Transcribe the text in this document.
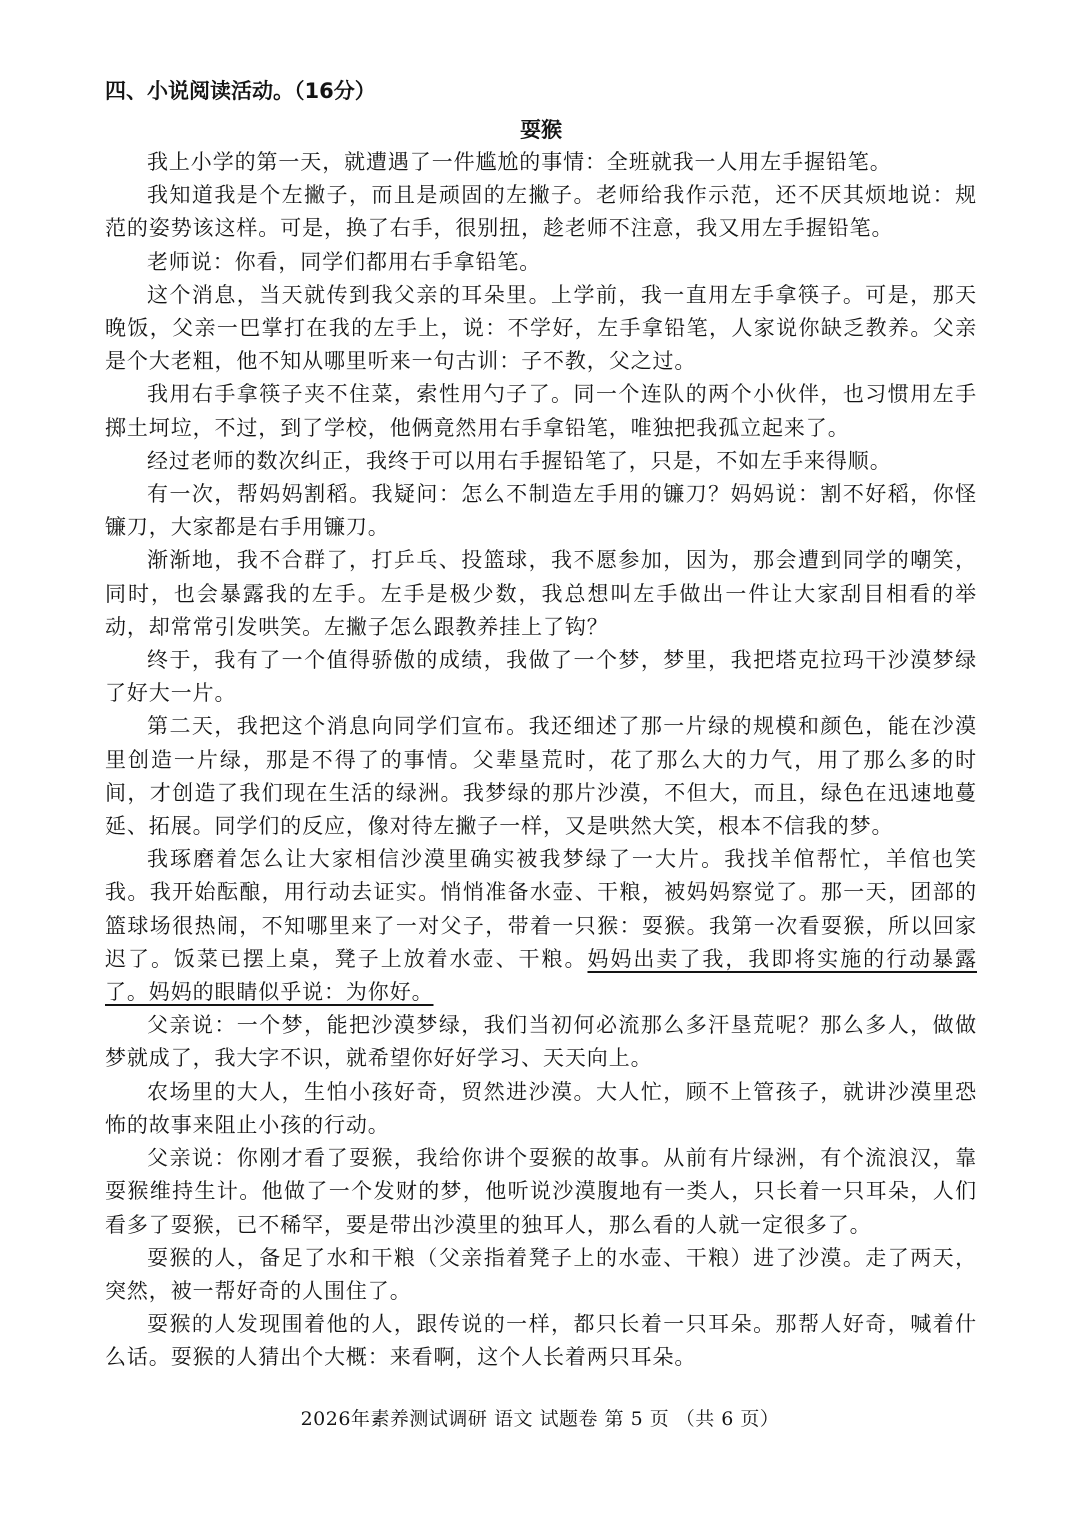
四、小说阅读活动。（16分）
耍猴

我上小学的第一天，就遭遇了一件尴尬的事情：全班就我一人用左手握铅笔。

我知道我是个左撇子，而且是顽固的左撇子。老师给我作示范，还不厌其烦地说：规范的姿势该这样。可是，换了右手，很别扭，趁老师不注意，我又用左手握铅笔。

老师说：你看，同学们都用右手拿铅笔。

这个消息，当天就传到我父亲的耳朵里。上学前，我一直用左手拿筷子。可是，那天晚饭，父亲一巴掌打在我的左手上，说：不学好，左手拿铅笔，人家说你缺乏教养。父亲是个大老粗，他不知从哪里听来一句古训：子不教，父之过。

我用右手拿筷子夹不住菜，索性用勺子了。同一个连队的两个小伙伴，也习惯用左手掷土坷垃，不过，到了学校，他俩竟然用右手拿铅笔，唯独把我孤立起来了。

经过老师的数次纠正，我终于可以用右手握铅笔了，只是，不如左手来得顺。

有一次，帮妈妈割稻。我疑问：怎么不制造左手用的镰刀？妈妈说：割不好稻，你怪镰刀，大家都是右手用镰刀。

渐渐地，我不合群了，打乒乓、投篮球，我不愿参加，因为，那会遭到同学的嘲笑，同时，也会暴露我的左手。左手是极少数，我总想叫左手做出一件让大家刮目相看的举动，却常常引发哄笑。左撇子怎么跟教养挂上了钩？

终于，我有了一个值得骄傲的成绩，我做了一个梦，梦里，我把塔克拉玛干沙漠梦绿了好大一片。

第二天，我把这个消息向同学们宣布。我还细述了那一片绿的规模和颜色，能在沙漠里创造一片绿，那是不得了的事情。父辈垦荒时，花了那么大的力气，用了那么多的时间，才创造了我们现在生活的绿洲。我梦绿的那片沙漠，不但大，而且，绿色在迅速地蔓延、拓展。同学们的反应，像对待左撇子一样，又是哄然大笑，根本不信我的梦。

我琢磨着怎么让大家相信沙漠里确实被我梦绿了一大片。我找羊倌帮忙，羊倌也笑我。我开始酝酿，用行动去证实。悄悄准备水壶、干粮，被妈妈察觉了。那一天，团部的篮球场很热闹，不知哪里来了一对父子，带着一只猴：耍猴。我第一次看耍猴，所以回家迟了。饭菜已摆上桌，凳子上放着水壶、干粮。妈妈出卖了我，我即将实施的行动暴露了。妈妈的眼睛似乎说：为你好。

父亲说：一个梦，能把沙漠梦绿，我们当初何必流那么多汗垦荒呢？那么多人，做做梦就成了，我大字不识，就希望你好好学习、天天向上。

农场里的大人，生怕小孩好奇，贸然进沙漠。大人忙，顾不上管孩子，就讲沙漠里恐怖的故事来阻止小孩的行动。

父亲说：你刚才看了耍猴，我给你讲个耍猴的故事。从前有片绿洲，有个流浪汉，靠耍猴维持生计。他做了一个发财的梦，他听说沙漠腹地有一类人，只长着一只耳朵，人们看多了耍猴，已不稀罕，要是带出沙漠里的独耳人，那么看的人就一定很多了。

耍猴的人，备足了水和干粮（父亲指着凳子上的水壶、干粮）进了沙漠。走了两天，突然，被一帮好奇的人围住了。

耍猴的人发现围着他的人，跟传说的一样，都只长着一只耳朵。那帮人好奇，喊着什么话。耍猴的人猜出个大概：来看啊，这个人长着两只耳朵。

2026年素养测试调研 语文 试题卷 第 5 页 （共 6 页）
